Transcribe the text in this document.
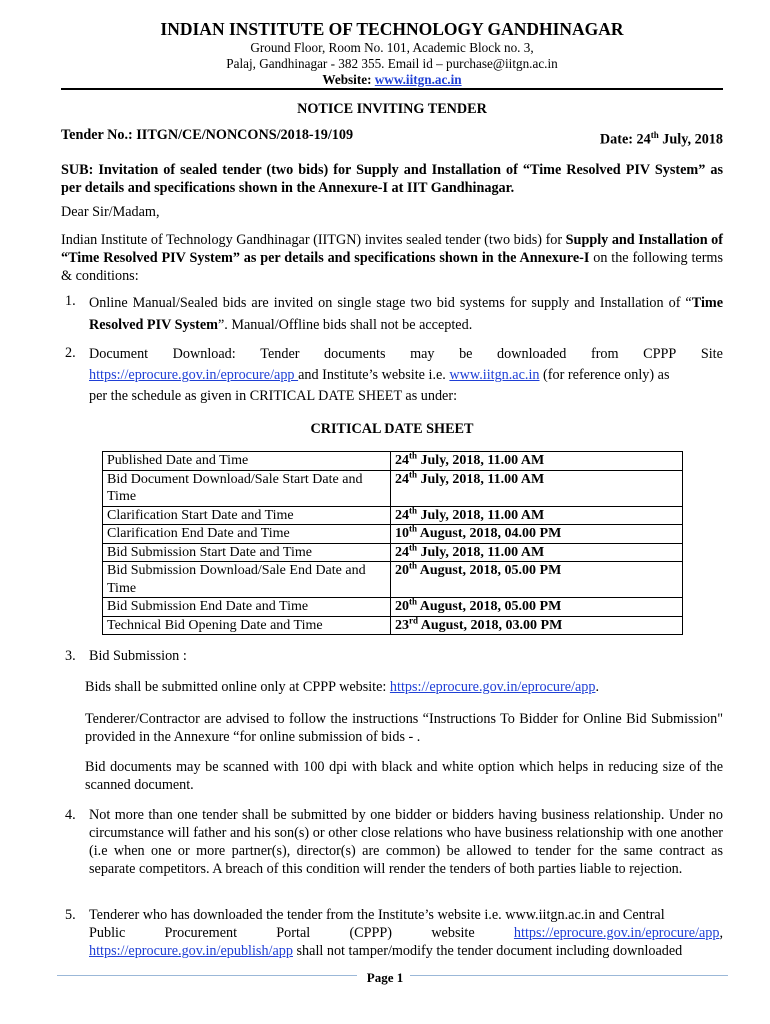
INDIAN INSTITUTE OF TECHNOLOGY GANDHINAGAR
Ground Floor, Room No. 101, Academic Block no. 3,
Palaj, Gandhinagar - 382 355. Email id – purchase@iitgn.ac.in
Website: www.iitgn.ac.in
NOTICE INVITING TENDER
Tender No.: IITGN/CE/NONCONS/2018-19/109	Date: 24th July, 2018
SUB: Invitation of sealed tender (two bids) for Supply and Installation of “Time Resolved PIV System” as per details and specifications shown in the Annexure-I at IIT Gandhinagar.
Dear Sir/Madam,
Indian Institute of Technology Gandhinagar (IITGN) invites sealed tender (two bids) for Supply and Installation of “Time Resolved PIV System” as per details and specifications shown in the Annexure-I on the following terms & conditions:
1. Online Manual/Sealed bids are invited on single stage two bid systems for supply and Installation of “Time Resolved PIV System”. Manual/Offline bids shall not be accepted.
2. Document Download: Tender documents may be downloaded from CPPP Site
https://eprocure.gov.in/eprocure/app and Institute’s website i.e. www.iitgn.ac.in (for reference only) as
per the schedule as given in CRITICAL DATE SHEET as under:
CRITICAL DATE SHEET
Published Date and Time	24th July, 2018, 11.00 AM
Bid Document Download/Sale Start Date and Time	24th July, 2018, 11.00 AM
Clarification Start Date and Time	24th July, 2018, 11.00 AM
Clarification End Date and Time	10th August, 2018, 04.00 PM
Bid Submission Start Date and Time	24th July, 2018, 11.00 AM
Bid Submission Download/Sale End Date and Time	20th August, 2018, 05.00 PM
Bid Submission End Date and Time	20th August, 2018, 05.00 PM
Technical Bid Opening Date and Time	23rd August, 2018, 03.00 PM
3. Bid Submission :
Bids shall be submitted online only at CPPP website: https://eprocure.gov.in/eprocure/app.
Tenderer/Contractor are advised to follow the instructions “Instructions To Bidder for Online Bid Submission" provided in the Annexure “for online submission of bids - .
Bid documents may be scanned with 100 dpi with black and white option which helps in reducing size of the scanned document.
4. Not more than one tender shall be submitted by one bidder or bidders having business relationship. Under no circumstance will father and his son(s) or other close relations who have business relationship with one another (i.e when one or more partner(s), director(s) are common) be allowed to tender for the same contract as separate competitors. A breach of this condition will render the tenders of both parties liable to rejection.
5. Tenderer who has downloaded the tender from the Institute’s website i.e. www.iitgn.ac.in and Central
Public	Procurement	Portal	(CPPP)	website	https://eprocure.gov.in/eprocure/app,
https://eprocure.gov.in/epublish/app shall not tamper/modify the tender document including downloaded
Page 1
